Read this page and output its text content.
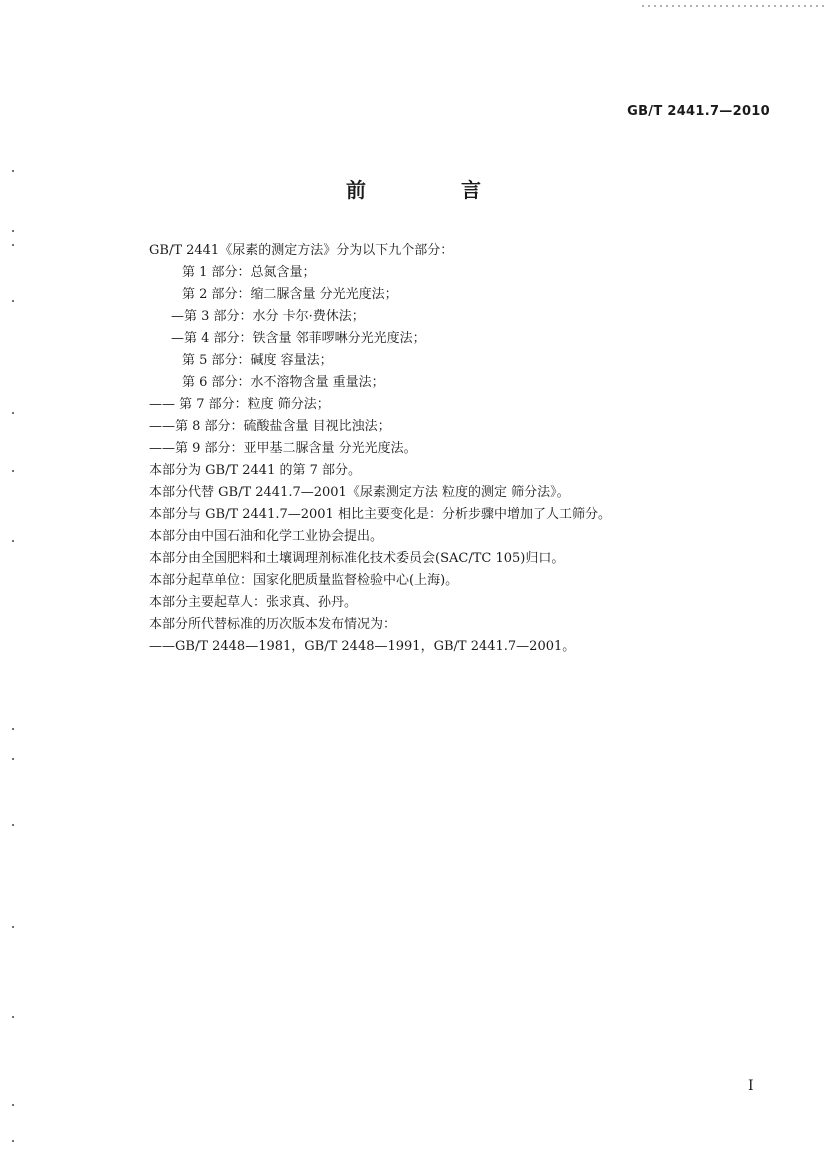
GB/T 2441.7—2010
前 言
GB/T 2441《尿素的测定方法》分为以下九个部分：
第 1 部分：总氮含量；
第 2 部分：缩二脲含量 分光光度法；
—第 3 部分：水分 卡尔·费休法；
—第 4 部分：铁含量 邻菲啰啉分光光度法；
第 5 部分：碱度 容量法；
第 6 部分：水不溶物含量 重量法；
—— 第 7 部分：粒度 筛分法；
——第 8 部分：硫酸盐含量 目视比浊法；
——第 9 部分：亚甲基二脲含量 分光光度法。
本部分为 GB/T 2441 的第 7 部分。
本部分代替 GB/T 2441.7—2001《尿素测定方法 粒度的测定 筛分法》。
本部分与 GB/T 2441.7—2001 相比主要变化是：分析步骤中增加了人工筛分。
本部分由中国石油和化学工业协会提出。
本部分由全国肥料和土壤调理剂标准化技术委员会(SAC/TC 105)归口。
本部分起草单位：国家化肥质量监督检验中心(上海)。
本部分主要起草人：张求真、孙丹。
本部分所代替标准的历次版本发布情况为：
——GB/T 2448—1981，GB/T 2448—1991，GB/T 2441.7—2001。
I
